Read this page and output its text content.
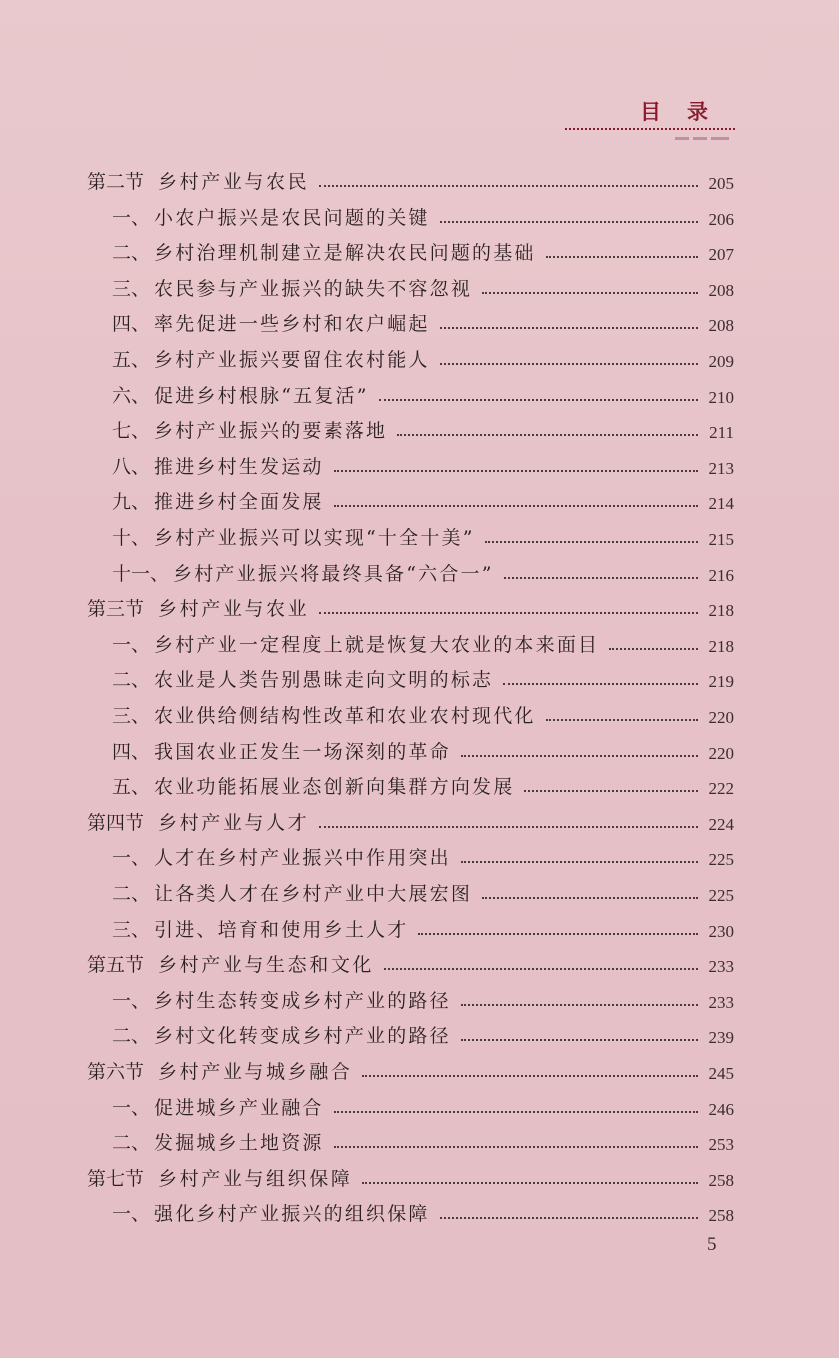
目录
第二节 乡村产业与农民	205
一、 小农户振兴是农民问题的关键	206
二、 乡村治理机制建立是解决农民问题的基础	207
三、 农民参与产业振兴的缺失不容忽视	208
四、 率先促进一些乡村和农户崛起	208
五、 乡村产业振兴要留住农村能人	209
六、 促进乡村根脉“五复活”	210
七、 乡村产业振兴的要素落地	211
八、 推进乡村生发运动	213
九、 推进乡村全面发展	214
十、 乡村产业振兴可以实现“十全十美”	215
十一、 乡村产业振兴将最终具备“六合一”	216
第三节 乡村产业与农业	218
一、 乡村产业一定程度上就是恢复大农业的本来面目	218
二、 农业是人类告别愚昧走向文明的标志	219
三、 农业供给侧结构性改革和农业农村现代化	220
四、 我国农业正发生一场深刻的革命	220
五、 农业功能拓展业态创新向集群方向发展	222
第四节 乡村产业与人才	224
一、 人才在乡村产业振兴中作用突出	225
二、 让各类人才在乡村产业中大展宏图	225
三、 引进、培育和使用乡土人才	230
第五节 乡村产业与生态和文化	233
一、 乡村生态转变成乡村产业的路径	233
二、 乡村文化转变成乡村产业的路径	239
第六节 乡村产业与城乡融合	245
一、 促进城乡产业融合	246
二、 发掘城乡土地资源	253
第七节 乡村产业与组织保障	258
一、 强化乡村产业振兴的组织保障	258
5
